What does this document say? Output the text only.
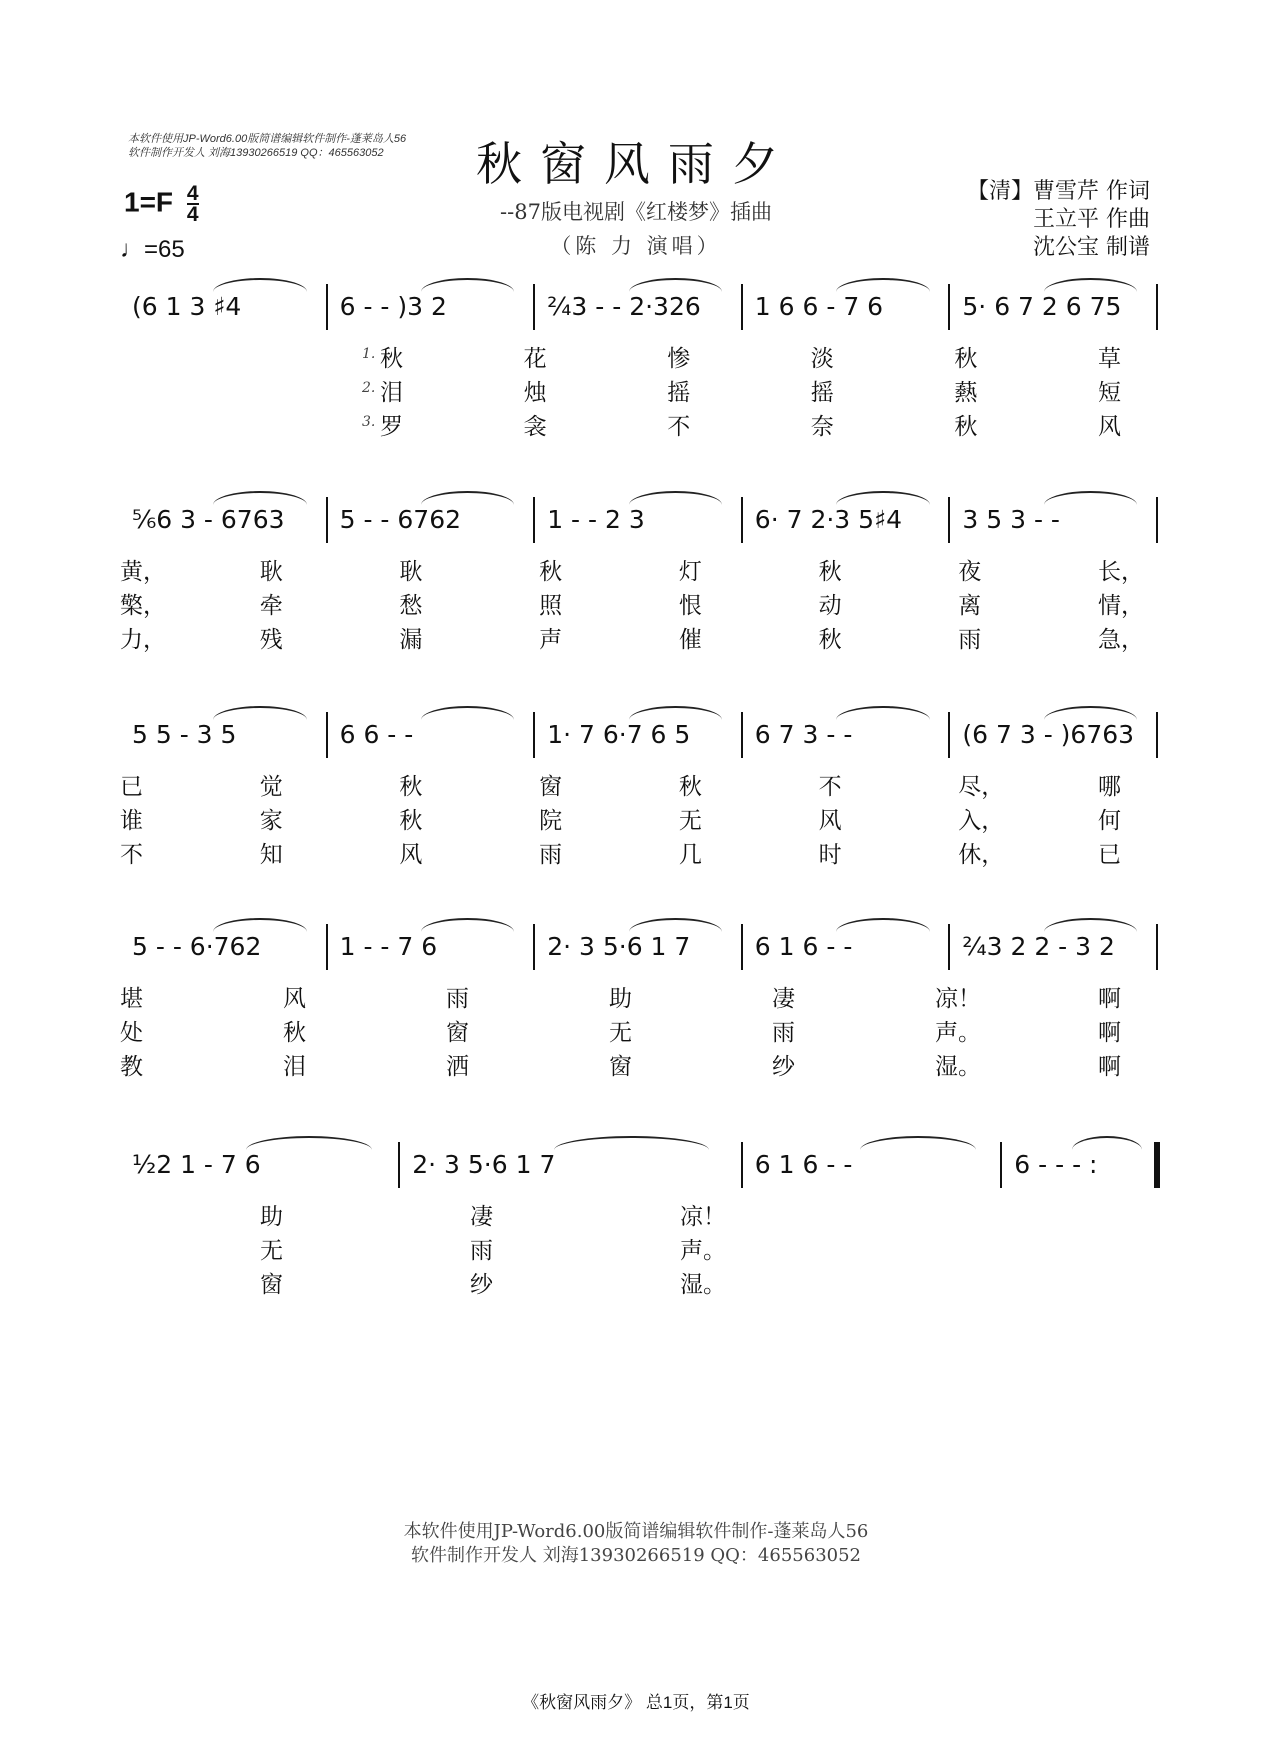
本软件使用JP-Word6.00版简谱编辑软件制作-蓬莱岛人56
软件制作开发人 刘海13930266519 QQ：465563052	秋窗风雨夕
$1=F \frac{4}{4}$
♩=65
--87版电视剧《红楼梦》插曲
（陈 力 演唱）
【清】曹雪芹 作词
王立平 作曲
沈公宝 制谱
(6 1 3 ♯4	6 - - )3 2	²⁄₄3 - - 2·326 1 6 6 - 7 6	5· 6 7 2 6 75
1. 秋	花	惨	淡	秋	草
2. 泪	烛	摇	摇	爇	短
3. 罗	衾	不	奈	秋	风
⁵⁄₆6 3 - 6763 5 - - 6762	1 - - 2 3	6· 7 2·3 5♯4 3 5 3 - -
黄，	耿	耿	秋	灯	秋	夜	长，
檠，	牵	愁	照	恨	动	离	情，
力，	残	漏	声	催	秋	雨	急，
5 5 - 3 5	6 6 - -	1· 7 6·7 6 5	6 7 3 - -	(6 7 3 - )6763
已	觉	秋	窗	秋	不	尽，	哪
谁	家	秋	院	无	风	入，	何
不	知	风	雨	几	时	休，	已
5 - - 6·762	1 - - 7 6	2· 3 5·6 1 7	6 1 6 - -	²⁄₄3 2 2 - 3 2
堪	风	雨	助	凄	凉！	啊
处	秋	窗	无	雨	声。	啊
教	泪	洒	窗	纱	湿。	啊
¹⁄₂2 1 - 7 6	2· 3 5·6 1 7	6 1 6 - -	6 - - - :
助	凄	凉！
无	雨	声。
窗	纱	湿。
本软件使用JP-Word6.00版简谱编辑软件制作-蓬莱岛人56
软件制作开发人 刘海13930266519 QQ：465563052
《秋窗风雨夕》 总1页，第1页
